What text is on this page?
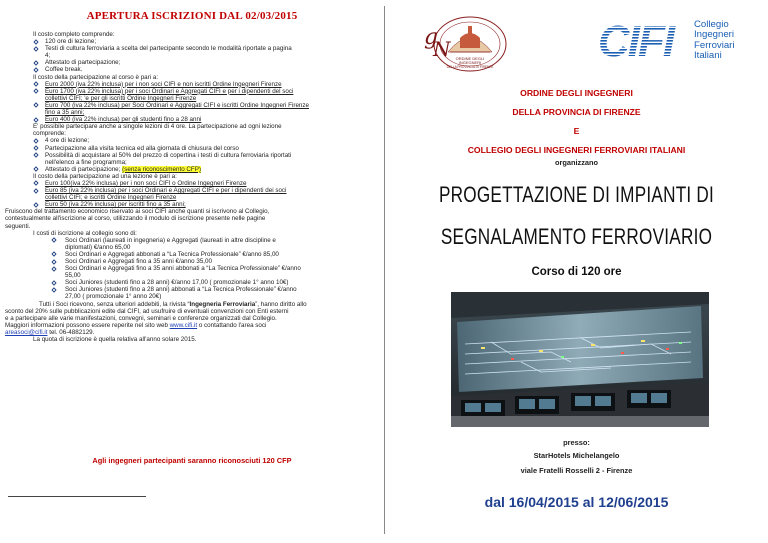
APERTURA ISCRIZIONI DAL 02/03/2015
Il costo completo comprende:
120 ore di lezione;
Testi di cultura ferroviaria a scelta del partecipante secondo le modalità riportate a pagina
4;
Attestato di partecipazione;
Coffee break.
Il costo della partecipazione al corso è pari a:
Euro 2000 (iva 22% inclusa) per i non soci CIFI e non iscritti Ordine Ingegneri Firenze
Euro 1700 (iva 22% inclusa) per i soci Ordinari e Aggregati CIFI e per i dipendenti del soci
collettivi CIFI; 'e per gli iscritti Ordine Ingegneri Firenze
Euro 700 (iva 22% inclusa) per Soci Ordinari e Aggregati CIFI e iscritti Ordine Ingegneri Firenze
fino a 35 anni;
Euro 400 (iva 22% inclusa) per gli studenti fino a 28 anni
E' possibile partecipare anche a singole lezioni di 4 ore. La partecipazione ad ogni lezione
comprende:
4 ore di lezione;
Partecipazione alla visita tecnica ed alla giornata di chiusura del corso
Possibilità di acquistare al 50% del prezzo di copertina i testi di cultura ferroviaria riportati
nell'elenco a fine programma;
Attestato di partecipazione; (senza riconoscimento CFP)
Il costo della partecipazione ad una lezione è pari a:
Euro 100(iva 22% inclusa) per i non soci CIFI o Ordine Ingegneri Firenze
Euro 85 (iva 22% inclusa) per i soci Ordinari e Aggregati CIFI e per i dipendenti dei soci
collettivi CIFI; e iscritti Ordine Ingegneri Firenze
Euro 50 (iva 22% inclusa) per iscritti fino a 35 anni;
Fruiscono del trattamento economico riservato ai soci CIFI anche quanti si iscrivono al Collegio,
contestualmente all'iscrizione al corso, utilizzando il modulo di iscrizione presente nelle pagine
seguenti.
I costi di iscrizione al collegio sono di:
Soci Ordinari (laureati in ingegneria) e Aggregati (laureati in altre discipline e
diplomati) €/anno 65,00
Soci Ordinari e Aggregati abbonati a “La Tecnica Professionale” €/anno 85,00
Soci Ordinari e Aggregati fino a 35 anni €/anno 35,00
Soci Ordinari e Aggregati fino a 35 anni abbonati a “La Tecnica Professionale” €/anno
55,00
Soci Juniores (studenti fino a 28 anni) €/anno 17,00 ( promozionale 1° anno 10€)
Soci Juniores (studenti fino a 28 anni) abbonati a “La Tecnica Professionale” €/anno
27,00 ( promozionale 1° anno 20€)
Tutti i Soci ricevono, senza ulteriori addebiti, la rivista “Ingegneria Ferroviaria”, hanno diritto allo
sconto del 20% sulle pubblicazioni edite dal CIFI, ad usufruire di eventuali convenzioni con Enti esterni
e a partecipare alle varie manifestazioni, convegni, seminari e conferenze organizzati dal Collegio.
Maggiori informazioni possono essere reperite nel sito web www.cifi.it o contattando l'area soci
areasoci@cifi.it tel. 06-4882129.
La quota di iscrizione è quella relativa all'anno solare 2015.
Agli ingegneri partecipanti saranno riconosciuti 120 CFP
g
N	ORDINE DEGLI
INGEGNERI
DELLA PROVINCIA DI FIRENZE
CIFI Collegio
Ingegneri
Ferroviari
Italiani
ORDINE DEGLI INGEGNERI
DELLA PROVINCIA DI FIRENZE
E
COLLEGIO DEGLI INGEGNERI FERROVIARI ITALIANI
organizzano
PROGETTAZIONE DI IMPIANTI DI
SEGNALAMENTO FERROVIARIO
Corso di 120 ore
presso:
StarHotels Michelangelo
viale Fratelli Rosselli 2 - Firenze
dal 16/04/2015 al 12/06/2015
